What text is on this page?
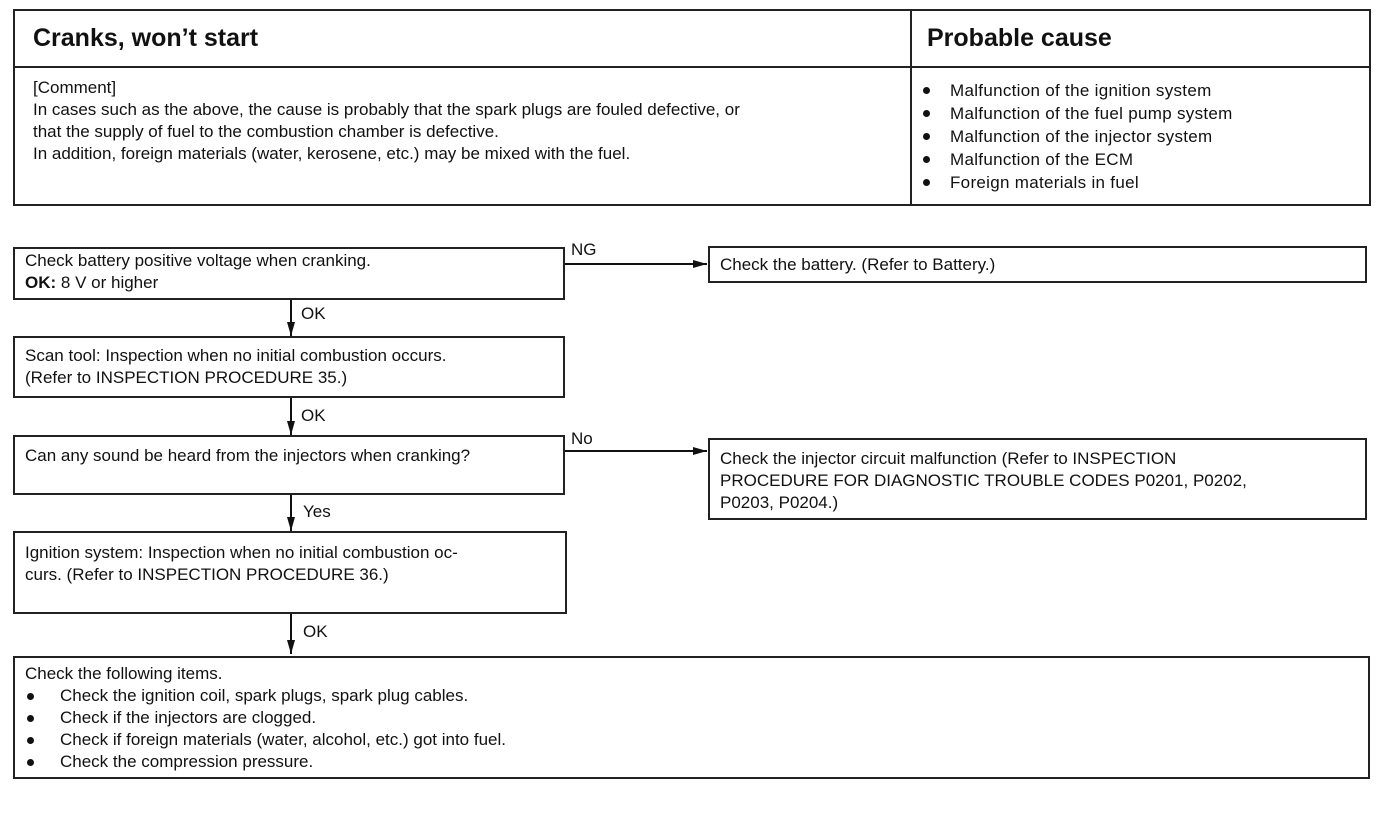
Cranks, won’t start	Probable cause
[Comment]
In cases such as the above, the cause is probably that the spark plugs are fouled defective, or
that the supply of fuel to the combustion chamber is defective.
In addition, foreign materials (water, kerosene, etc.) may be mixed with the fuel.
Malfunction of the ignition system
Malfunction of the fuel pump system
Malfunction of the injector system
Malfunction of the ECM
Foreign materials in fuel
Check battery positive voltage when cranking.
OK: 8 V or higher
NG
Check the battery. (Refer to Battery.)
OK
Scan tool: Inspection when no initial combustion occurs.
(Refer to INSPECTION PROCEDURE 35.)
OK
Can any sound be heard from the injectors when cranking?
No
Check the injector circuit malfunction (Refer to INSPECTION
PROCEDURE FOR DIAGNOSTIC TROUBLE CODES P0201, P0202,
P0203, P0204.)
Yes
Ignition system: Inspection when no initial combustion oc-
curs. (Refer to INSPECTION PROCEDURE 36.)
OK
Check the following items.
Check the ignition coil, spark plugs, spark plug cables.
Check if the injectors are clogged.
Check if foreign materials (water, alcohol, etc.) got into fuel.
Check the compression pressure.
